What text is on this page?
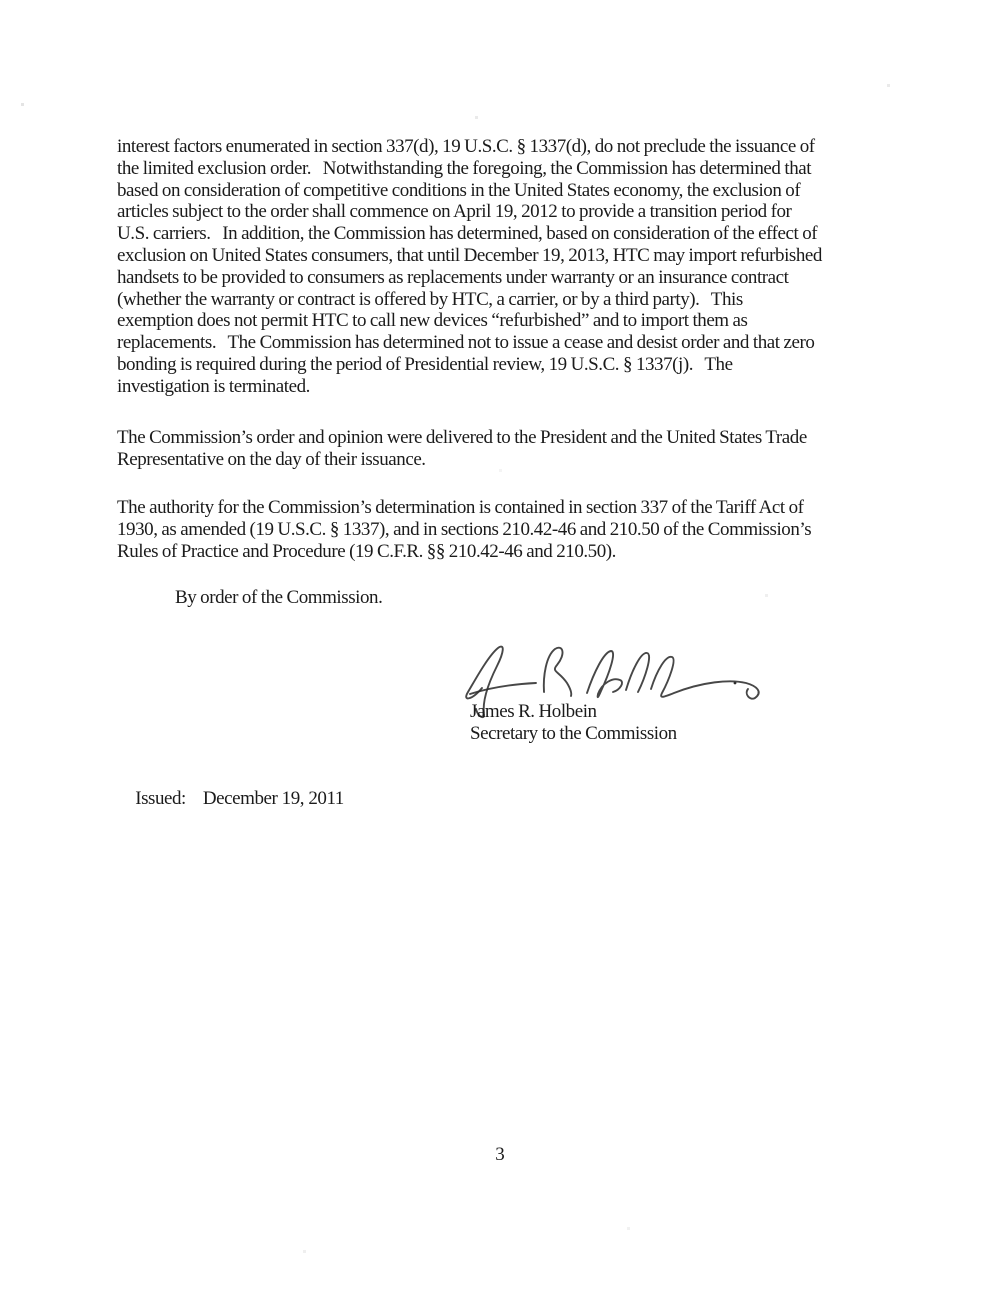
interest factors enumerated in section 337(d), 19 U.S.C. § 1337(d), do not preclude the issuance of
the limited exclusion order.   Notwithstanding the foregoing, the Commission has determined that
based on consideration of competitive conditions in the United States economy, the exclusion of
articles subject to the order shall commence on April 19, 2012 to provide a transition period for
U.S. carriers.   In addition, the Commission has determined, based on consideration of the effect of
exclusion on United States consumers, that until December 19, 2013, HTC may import refurbished
handsets to be provided to consumers as replacements under warranty or an insurance contract
(whether the warranty or contract is offered by HTC, a carrier, or by a third party).   This
exemption does not permit HTC to call new devices “refurbished” and to import them as
replacements.   The Commission has determined not to issue a cease and desist order and that zero
bonding is required during the period of Presidential review, 19 U.S.C. § 1337(j).   The
investigation is terminated.
The Commission’s order and opinion were delivered to the President and the United States Trade
Representative on the day of their issuance.
The authority for the Commission’s determination is contained in section 337 of the Tariff Act of
1930, as amended (19 U.S.C. § 1337), and in sections 210.42-46 and 210.50 of the Commission’s
Rules of Practice and Procedure (19 C.F.R. §§ 210.42-46 and 210.50).
By order of the Commission.
James R. Holbein
Secretary to the Commission

Issued: December 19, 2011

3
